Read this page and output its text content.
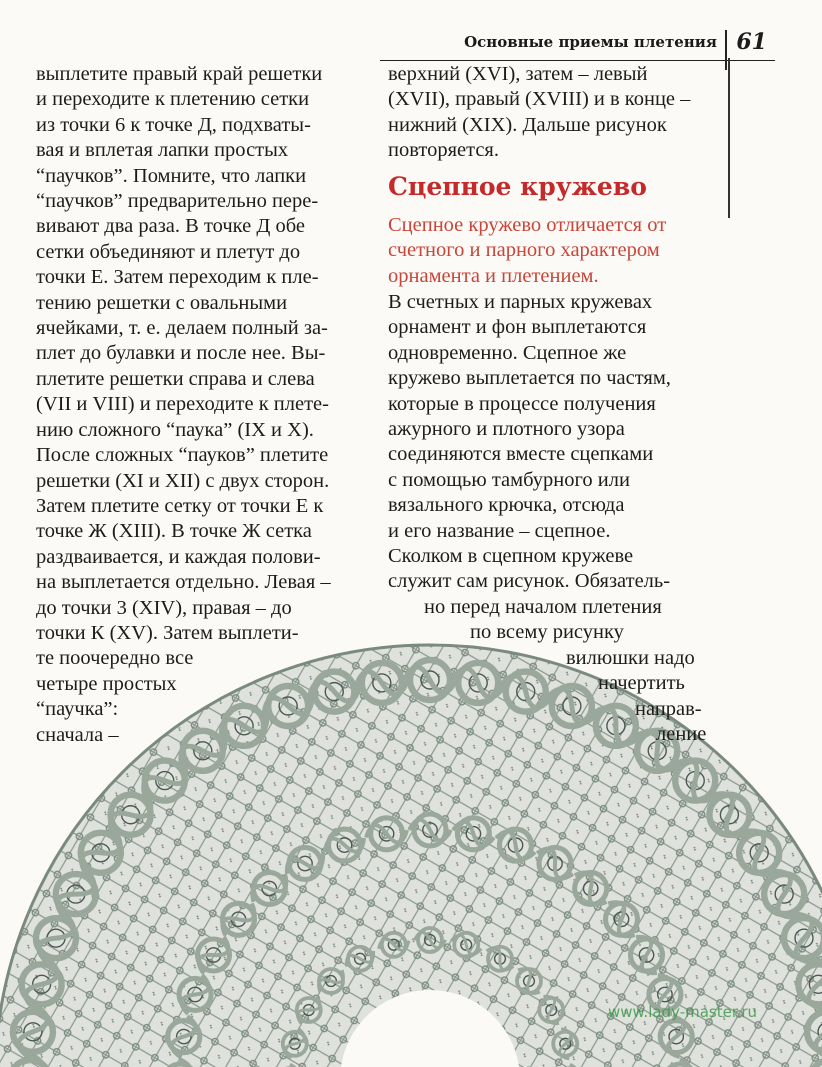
Основные приемы плетения 61
выплетите правый край решетки
и переходите к плетению сетки
из точки 6 к точке Д, подхваты-
вая и вплетая лапки простых
“паучков”. Помните, что лапки
“паучков” предварительно пере-
вивают два раза. В точке Д обе
сетки объединяют и плетут до
точки Е. Затем переходим к пле-
тению решетки с овальными
ячейками, т. е. делаем полный за-
плет до булавки и после нее. Вы-
плетите решетки справа и слева
(VII и VIII) и переходите к плете-
нию сложного “паука” (IX и X).
После сложных “пауков” плетите
решетки (XI и XII) с двух сторон.
Затем плетите сетку от точки Е к
точке Ж (XIII). В точке Ж сетка
раздваивается, и каждая полови-
на выплетается отдельно. Левая –
до точки 3 (XIV), правая – до
точки К (XV). Затем выплети-
те поочередно все
четыре простых
“паучка”:
сначала –
верхний (XVI), затем – левый
(XVII), правый (XVIII) и в конце –
нижний (XIX). Дальше рисунок
повторяется.
Сцепное кружево
Сцепное кружево отличается от
счетного и парного характером
орнамента и плетением.
В счетных и парных кружевах
орнамент и фон выплетаются
одновременно. Сцепное же
кружево выплетается по частям,
которые в процессе получения
ажурного и плотного узора
соединяются вместе сцепками
с помощью тамбурного или
вязального крючка, отсюда
и его название – сцепное.
Сколком в сцепном кружеве
служит сам рисунок. Обязатель-
но перед началом плетения
по всему рисунку
вилюшки надо
начертить
направ-
ление
www.lady-master.ru
